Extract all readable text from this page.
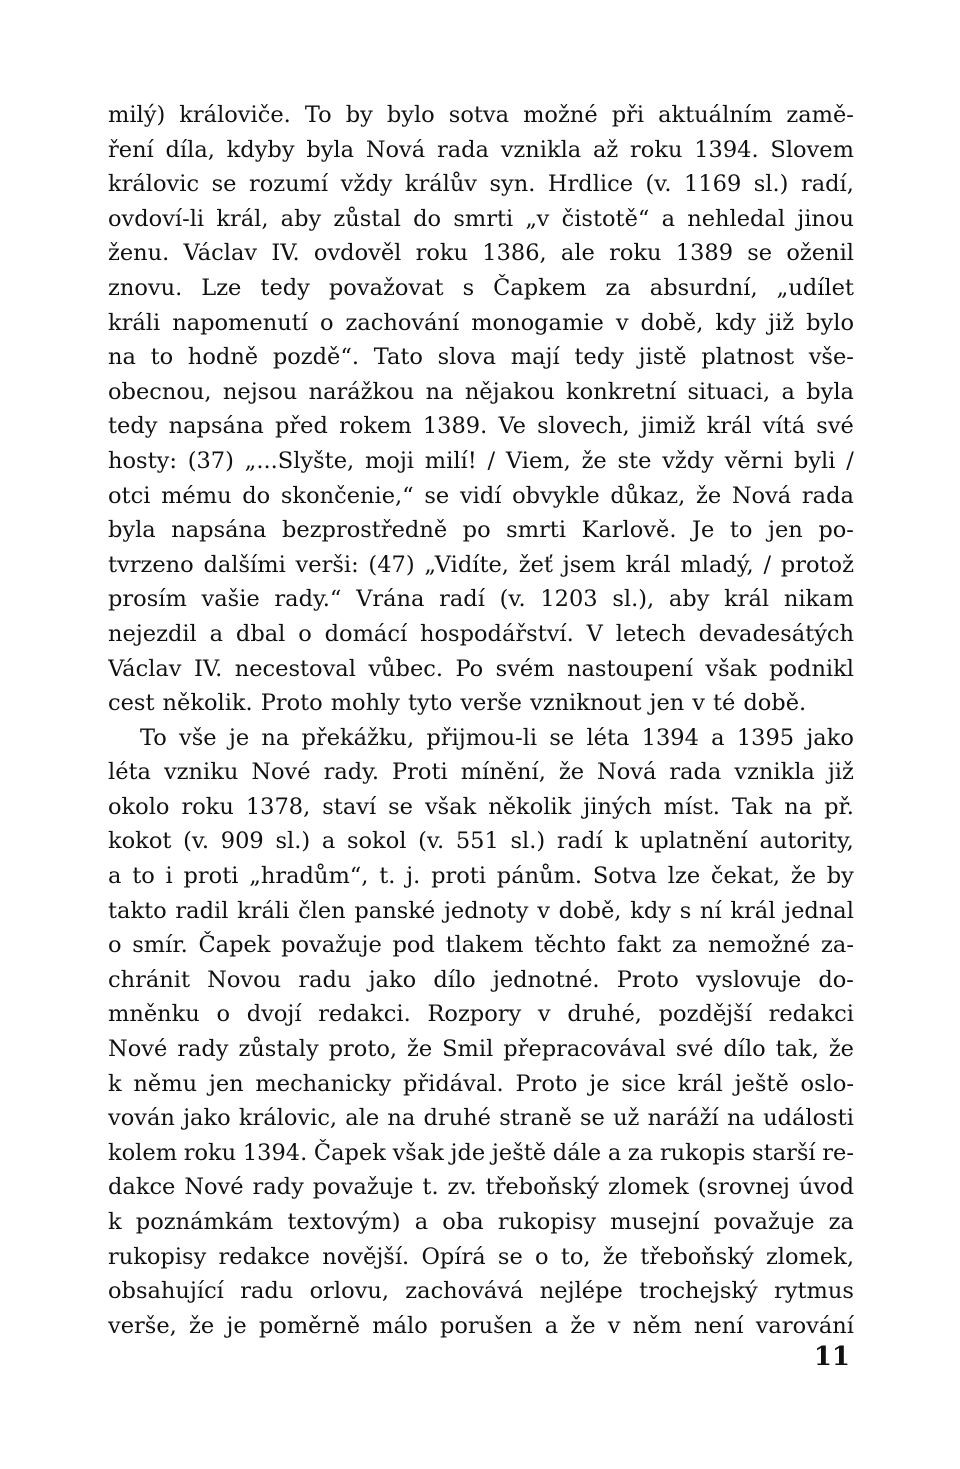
milý) královiče. To by bylo sotva možné při aktuálním zamě-
ření díla, kdyby byla Nová rada vznikla až roku 1394. Slovem
královic se rozumí vždy králův syn. Hrdlice (v. 1169 sl.) radí,
ovdoví-li král, aby zůstal do smrti „v čistotě“ a nehledal jinou
ženu. Václav IV. ovdověl roku 1386, ale roku 1389 se oženil
znovu. Lze tedy považovat s Čapkem za absurdní, „udílet
králi napomenutí o zachování monogamie v době, kdy již bylo
na to hodně pozdě“. Tato slova mají tedy jistě platnost vše-
obecnou, nejsou narážkou na nějakou konkretní situaci, a byla
tedy napsána před rokem 1389. Ve slovech, jimiž král vítá své
hosty: (37) „...Slyšte, moji milí! / Viem, že ste vždy věrni byli /
otci mému do skončenie,“ se vidí obvykle důkaz, že Nová rada
byla napsána bezprostředně po smrti Karlově. Je to jen po-
tvrzeno dalšími verši: (47) „Vidíte, žeť jsem král mladý, / protož
prosím vašie rady.“ Vrána radí (v. 1203 sl.), aby král nikam
nejezdil a dbal o domácí hospodářství. V letech devadesátých
Václav IV. necestoval vůbec. Po svém nastoupení však podnikl
cest několik. Proto mohly tyto verše vzniknout jen v té době.
To vše je na překážku, přijmou-li se léta 1394 a 1395 jako
léta vzniku Nové rady. Proti mínění, že Nová rada vznikla již
okolo roku 1378, staví se však několik jiných míst. Tak na př.
kokot (v. 909 sl.) a sokol (v. 551 sl.) radí k uplatnění autority,
a to i proti „hradům“, t. j. proti pánům. Sotva lze čekat, že by
takto radil králi člen panské jednoty v době, kdy s ní král jednal
o smír. Čapek považuje pod tlakem těchto fakt za nemožné za-
chránit Novou radu jako dílo jednotné. Proto vyslovuje do-
mněnku o dvojí redakci. Rozpory v druhé, pozdější redakci
Nové rady zůstaly proto, že Smil přepracovával své dílo tak, že
k němu jen mechanicky přidával. Proto je sice král ještě oslo-
vován jako královic, ale na druhé straně se už naráží na události
kolem roku 1394. Čapek však jde ještě dále a za rukopis starší re-
dakce Nové rady považuje t. zv. třeboňský zlomek (srovnej úvod
k poznámkám textovým) a oba rukopisy musejní považuje za
rukopisy redakce novější. Opírá se o to, že třeboňský zlomek,
obsahující radu orlovu, zachovává nejlépe trochejský rytmus
verše, že je poměrně málo porušen a že v něm není varování
11
